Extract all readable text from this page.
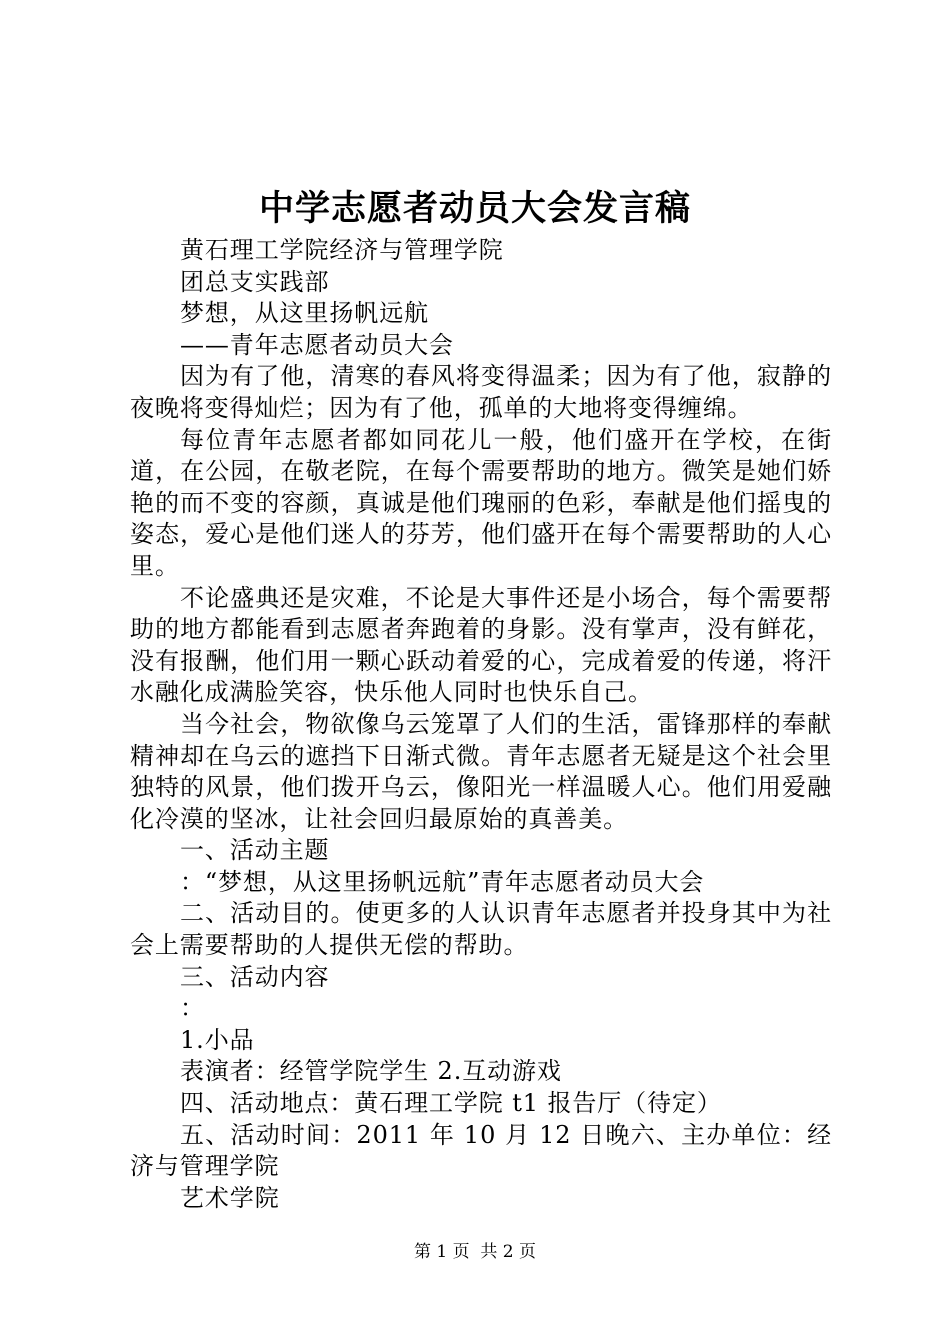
中学志愿者动员大会发言稿

黄石理工学院经济与管理学院

团总支实践部

梦想，从这里扬帆远航

——青年志愿者动员大会

因为有了他，清寒的春风将变得温柔；因为有了他，寂静的夜晚将变得灿烂；因为有了他，孤单的大地将变得缠绵。

每位青年志愿者都如同花儿一般，他们盛开在学校，在街道，在公园，在敬老院，在每个需要帮助的地方。微笑是她们娇艳的而不变的容颜，真诚是他们瑰丽的色彩，奉献是他们摇曳的姿态，爱心是他们迷人的芬芳，他们盛开在每个需要帮助的人心里。

不论盛典还是灾难，不论是大事件还是小场合，每个需要帮助的地方都能看到志愿者奔跑着的身影。没有掌声，没有鲜花，没有报酬，他们用一颗心跃动着爱的心，完成着爱的传递，将汗水融化成满脸笑容，快乐他人同时也快乐自己。

当今社会，物欲像乌云笼罩了人们的生活，雷锋那样的奉献精神却在乌云的遮挡下日渐式微。青年志愿者无疑是这个社会里独特的风景，他们拨开乌云，像阳光一样温暖人心。他们用爱融化冷漠的坚冰，让社会回归最原始的真善美。

一、活动主题

：“梦想，从这里扬帆远航”青年志愿者动员大会

二、活动目的。使更多的人认识青年志愿者并投身其中为社会上需要帮助的人提供无偿的帮助。

三、活动内容

：

1.小品

表演者：经管学院学生 2.互动游戏

四、活动地点：黄石理工学院 t1 报告厅（待定）

五、活动时间：2011 年 10 月 12 日晚六、主办单位：经济与管理学院

艺术学院

第 1 页  共 2 页
